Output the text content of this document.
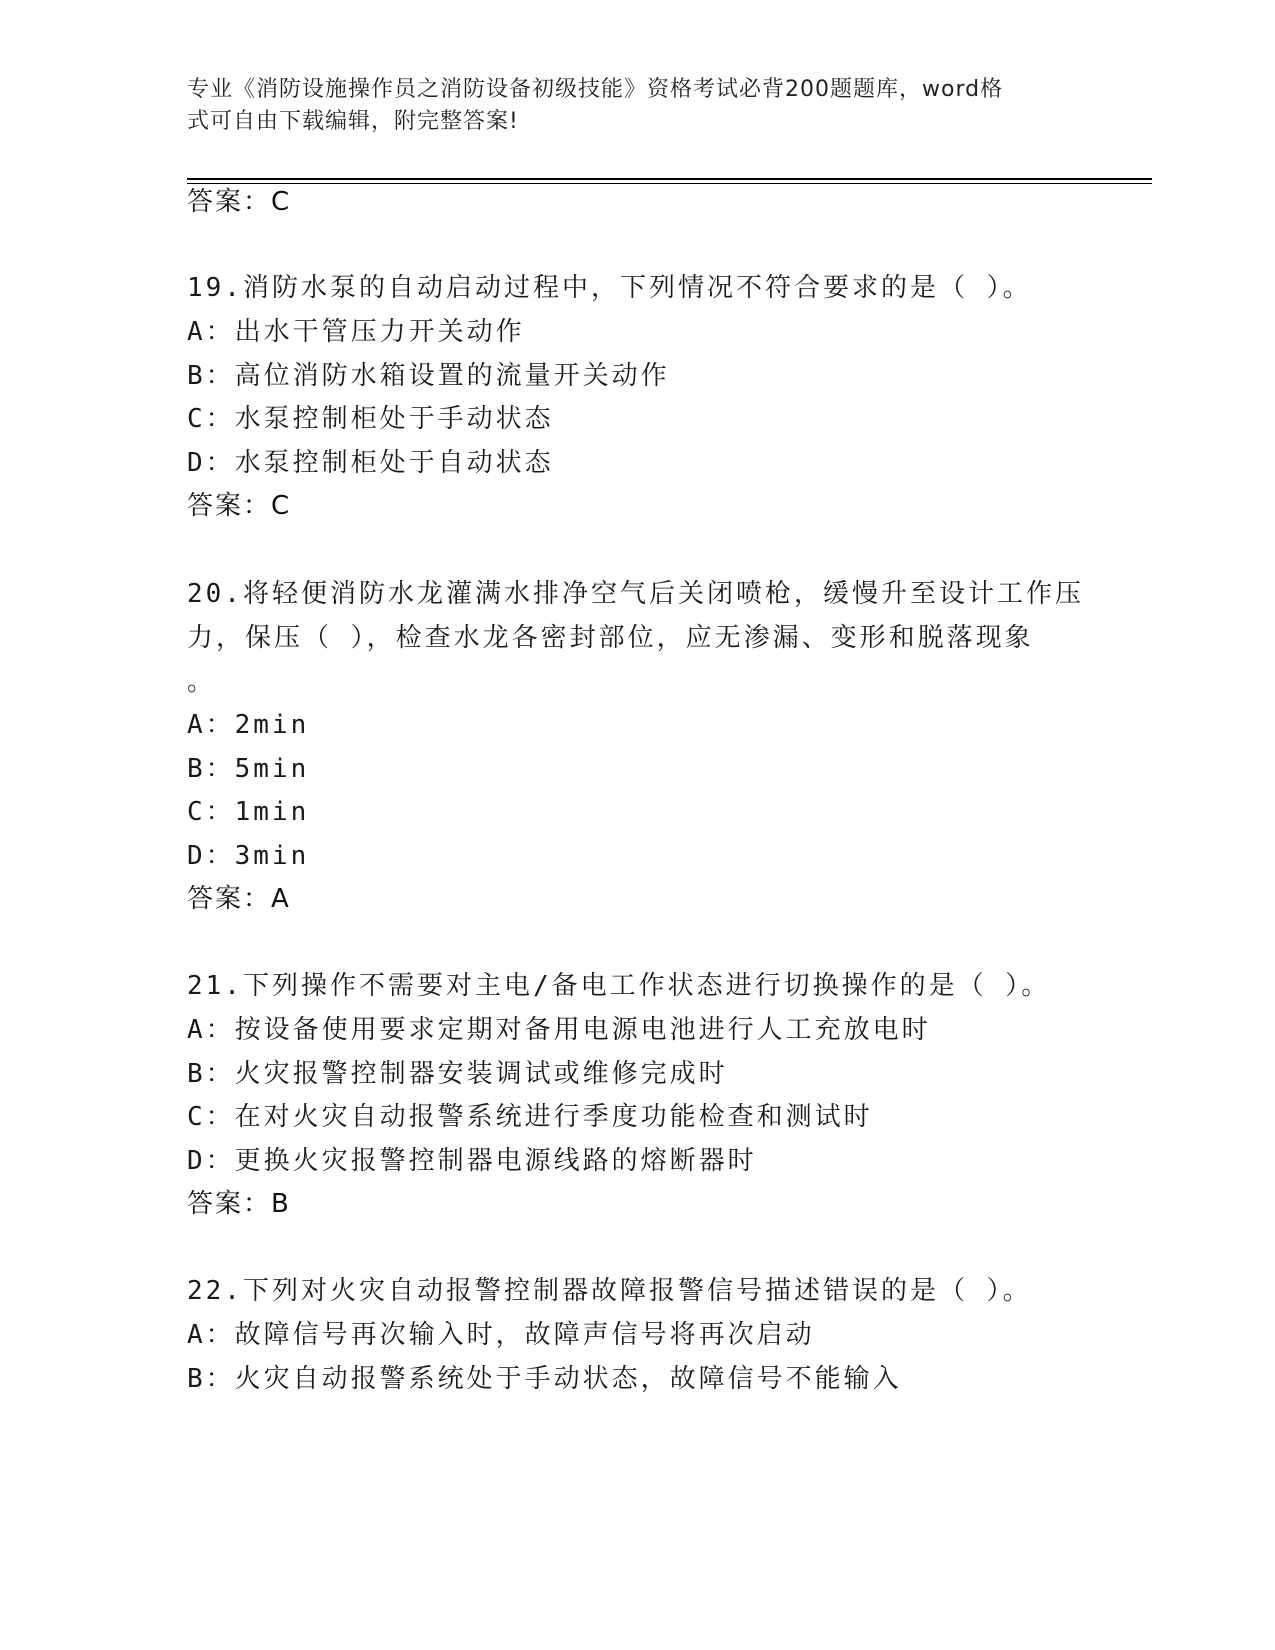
专业《消防设施操作员之消防设备初级技能》资格考试必背200题题库，word格
式可自由下载编辑，附完整答案!
答案：C
19.消防水泵的自动启动过程中，下列情况不符合要求的是（ ）。
A：出水干管压力开关动作
B：高位消防水箱设置的流量开关动作
C：水泵控制柜处于手动状态
D：水泵控制柜处于自动状态
答案：C
20.将轻便消防水龙灌满水排净空气后关闭喷枪，缓慢升至设计工作压
力，保压（ ），检查水龙各密封部位，应无渗漏、变形和脱落现象
。
A：2min
B：5min
C：1min
D：3min
答案：A
21.下列操作不需要对主电/备电工作状态进行切换操作的是（ ）。
A：按设备使用要求定期对备用电源电池进行人工充放电时
B：火灾报警控制器安装调试或维修完成时
C：在对火灾自动报警系统进行季度功能检查和测试时
D：更换火灾报警控制器电源线路的熔断器时
答案：B
22.下列对火灾自动报警控制器故障报警信号描述错误的是（ ）。
A：故障信号再次输入时，故障声信号将再次启动
B：火灾自动报警系统处于手动状态，故障信号不能输入
